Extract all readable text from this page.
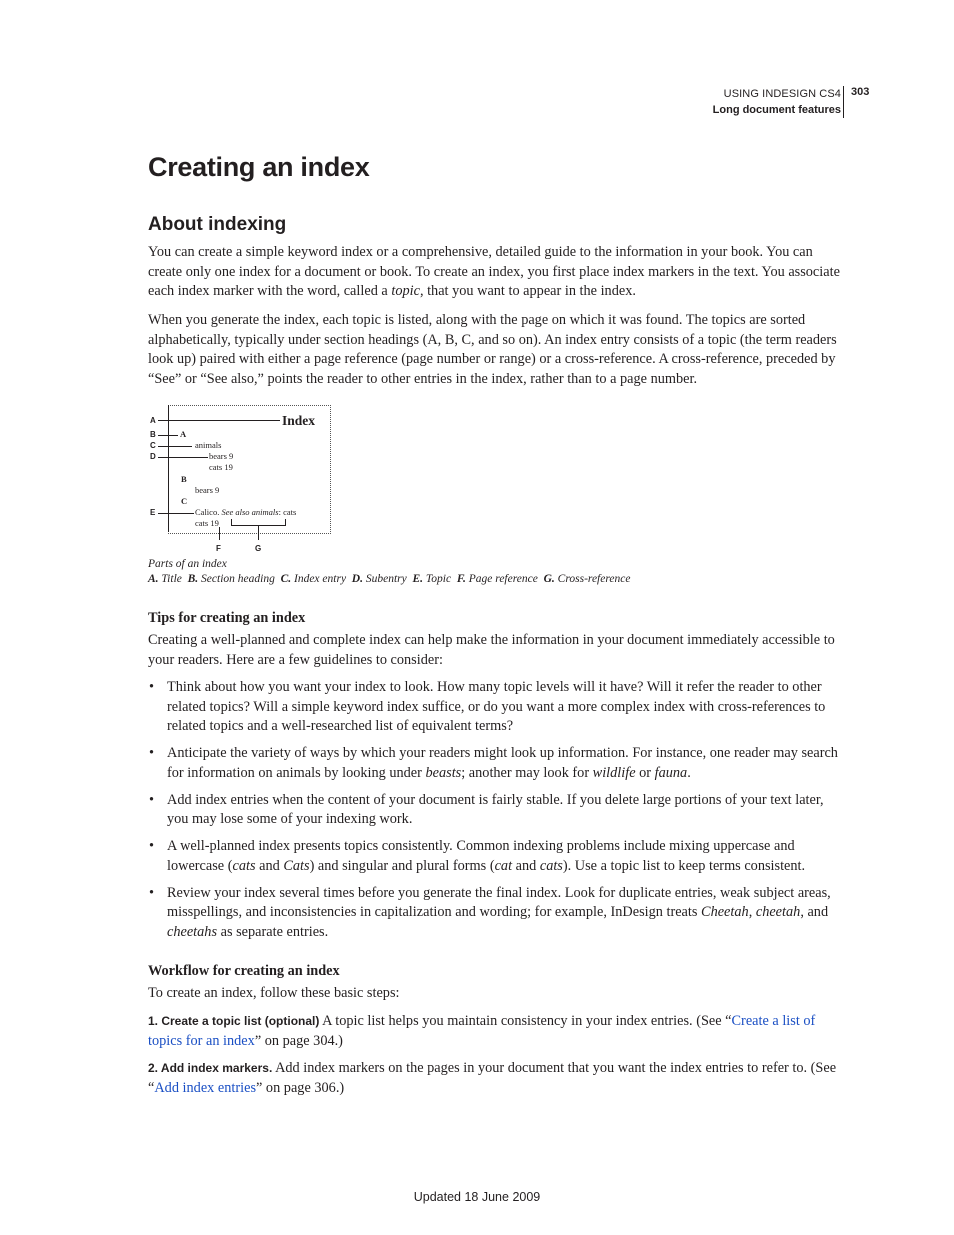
USING INDESIGN CS4
Long document features
303
Creating an index
About indexing

You can create a simple keyword index or a comprehensive, detailed guide to the information in your book. You can create only one index for a document or book. To create an index, you first place index markers in the text. You associate each index marker with the word, called a topic, that you want to appear in the index.

When you generate the index, each topic is listed, along with the page on which it was found. The topics are sorted alphabetically, typically under section headings (A, B, C, and so on). An index entry consists of a topic (the term readers look up) paired with either a page reference (page number or range) or a cross-reference. A cross-reference, preceded by “See” or “See also,” points the reader to other entries in the index, rather than to a page number.

A
B
C
D
E
F	G
Index
A
animals
bears 9
cats 19
B
bears 9
C
Calico. See also animals: cats
cats 19
Parts of an index
A. Title B. Section heading C. Index entry D. Subentry E. Topic F. Page reference G. Cross-reference
Tips for creating an index

Creating a well-planned and complete index can help make the information in your document immediately accessible to your readers. Here are a few guidelines to consider:

• Think about how you want your index to look. How many topic levels will it have? Will it refer the reader to other related topics? Will a simple keyword index suffice, or do you want a more complex index with cross-references to related topics and a well-researched list of equivalent terms?
• Anticipate the variety of ways by which your readers might look up information. For instance, one reader may search for information on animals by looking under beasts; another may look for wildlife or fauna.
• Add index entries when the content of your document is fairly stable. If you delete large portions of your text later, you may lose some of your indexing work.
• A well-planned index presents topics consistently. Common indexing problems include mixing uppercase and lowercase (cats and Cats) and singular and plural forms (cat and cats). Use a topic list to keep terms consistent.
• Review your index several times before you generate the final index. Look for duplicate entries, weak subject areas, misspellings, and inconsistencies in capitalization and wording; for example, InDesign treats Cheetah, cheetah, and cheetahs as separate entries.
Workflow for creating an index

To create an index, follow these basic steps:

1. Create a topic list (optional) A topic list helps you maintain consistency in your index entries. (See “Create a list of topics for an index” on page 304.)

2. Add index markers. Add index markers on the pages in your document that you want the index entries to refer to. (See “Add index entries” on page 306.)

Updated 18 June 2009
